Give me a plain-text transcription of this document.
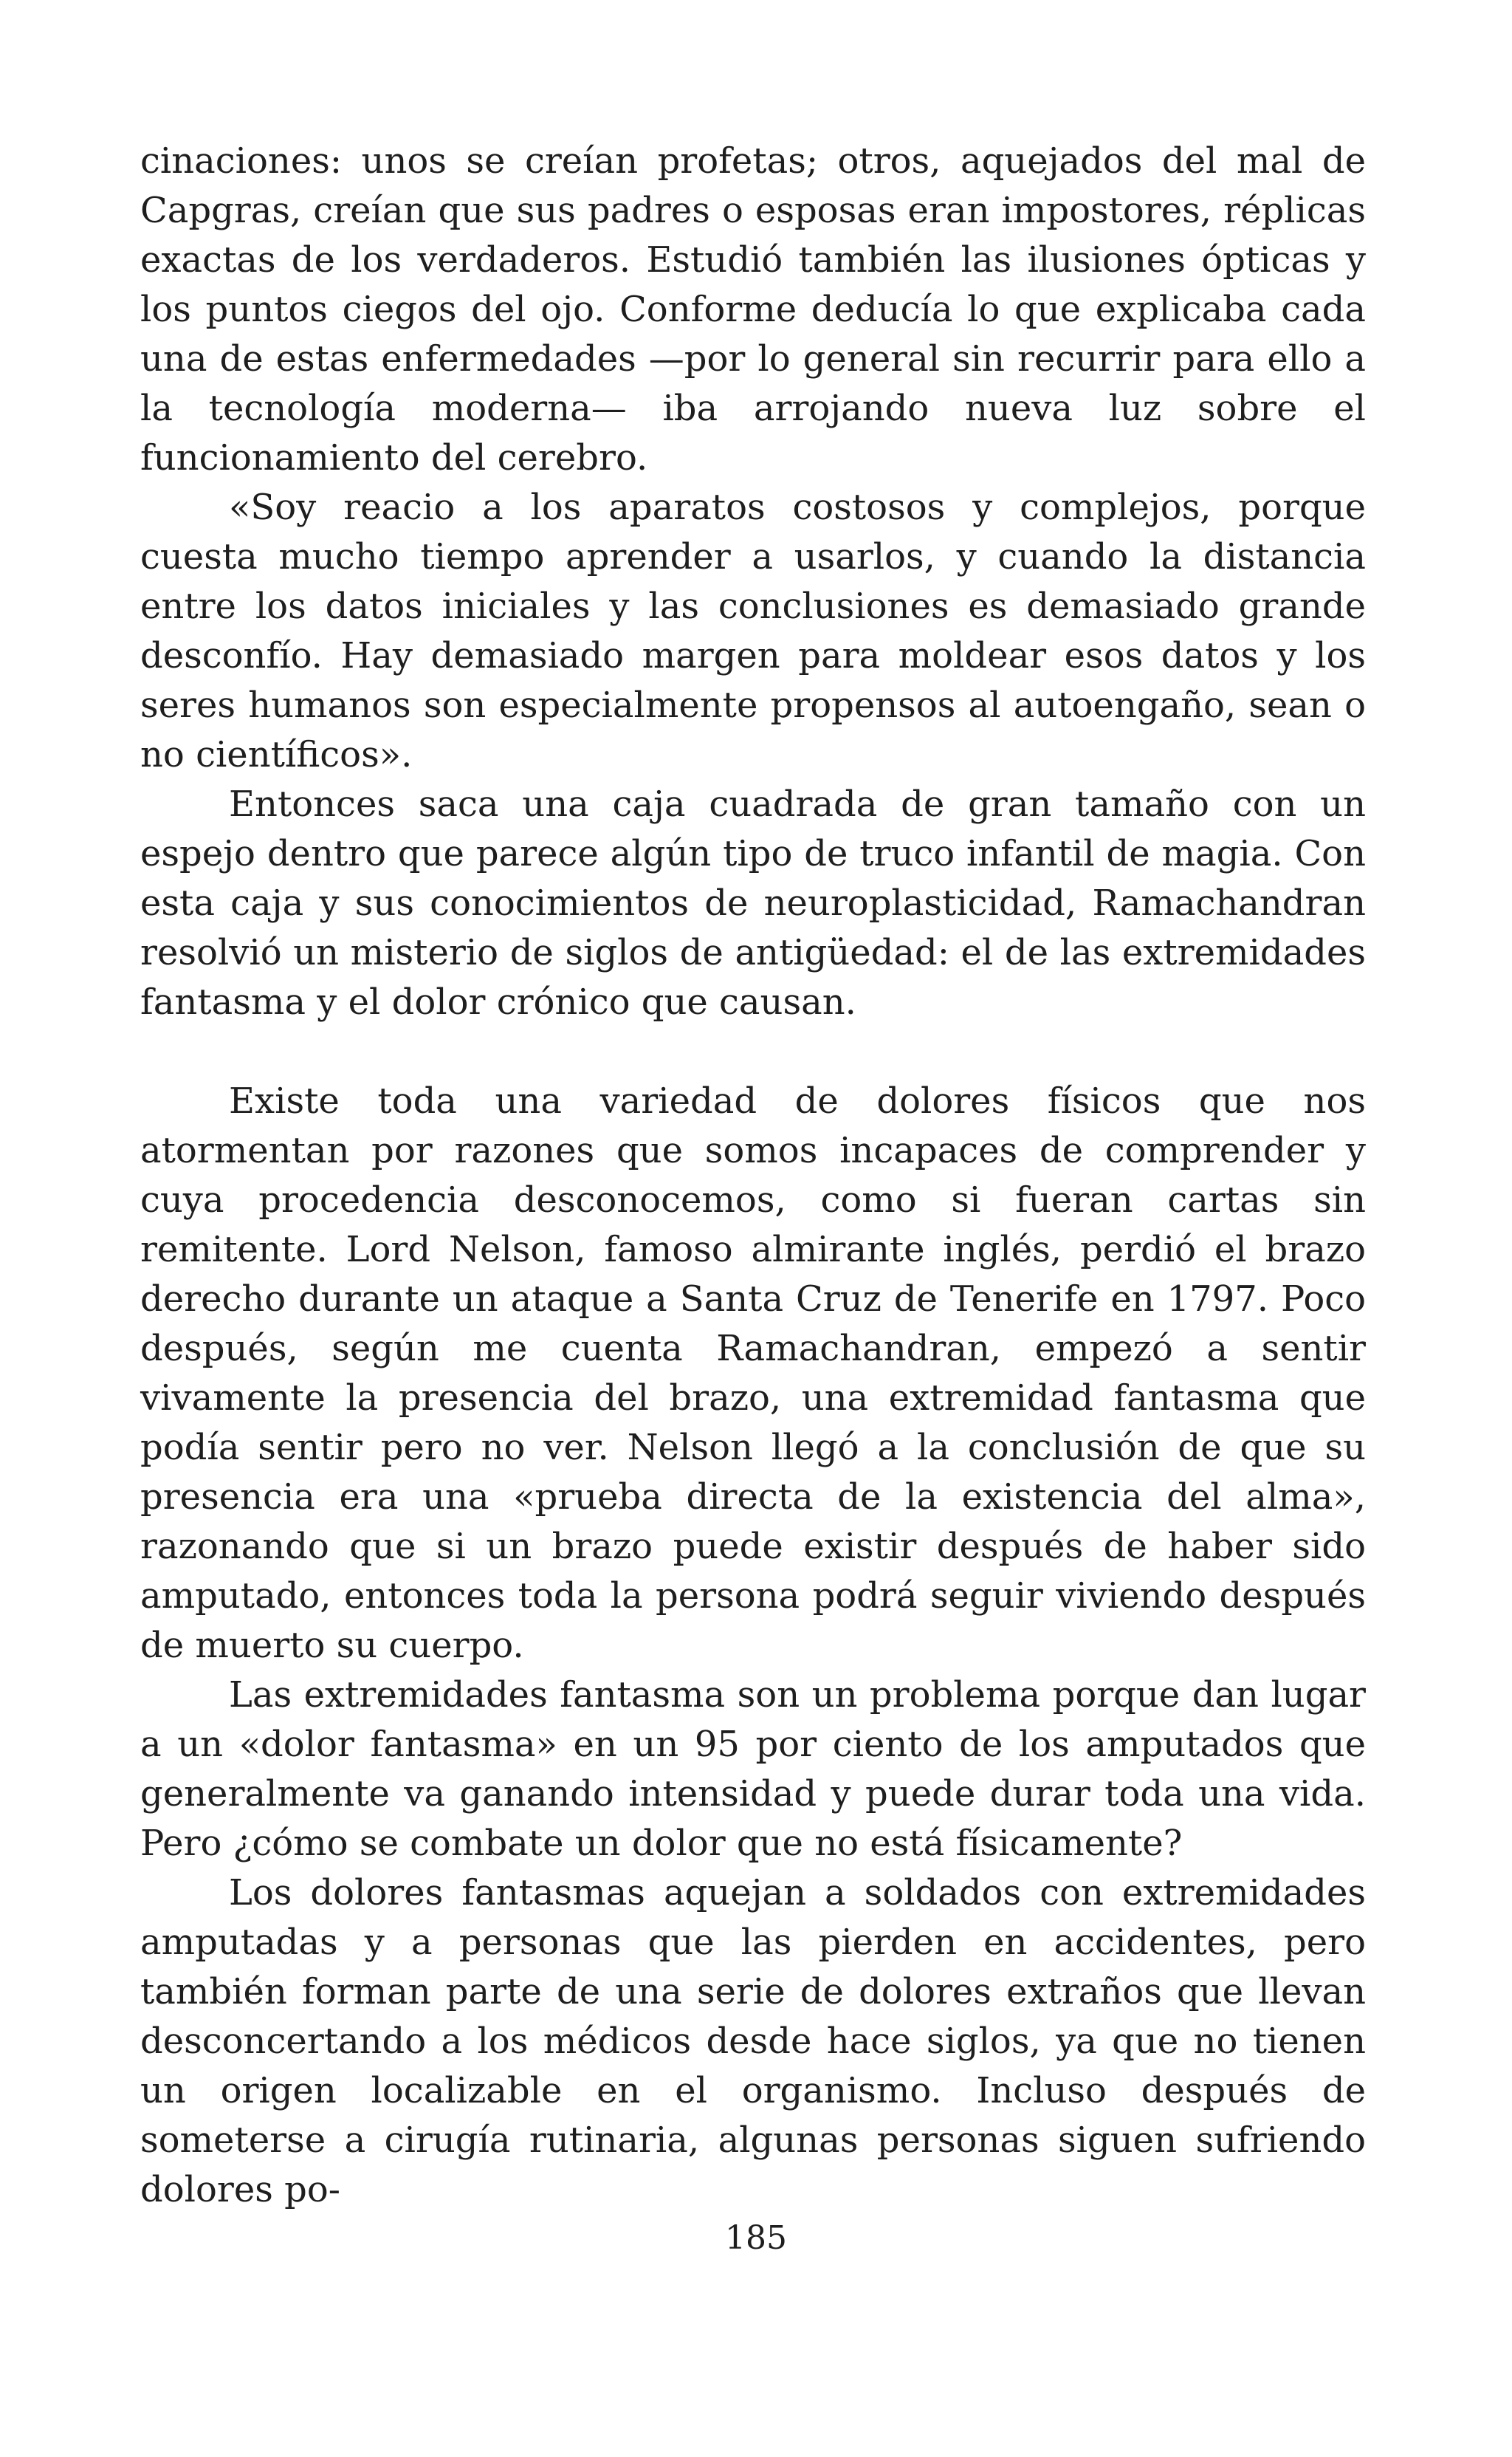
cinaciones: unos se creían profetas; otros, aquejados del mal de Capgras, creían que sus padres o esposas eran impostores, réplicas exactas de los verdaderos. Estudió también las ilusiones ópticas y los puntos ciegos del ojo. Conforme deducía lo que explicaba cada una de estas enfermedades —por lo general sin recurrir para ello a la tecnología moderna— iba arrojando nueva luz sobre el funcionamiento del cerebro.

«Soy reacio a los aparatos costosos y complejos, porque cuesta mucho tiempo aprender a usarlos, y cuando la distancia entre los datos iniciales y las conclusiones es demasiado grande desconfío. Hay demasiado margen para moldear esos datos y los seres humanos son especialmente propensos al autoengaño, sean o no científicos».

Entonces saca una caja cuadrada de gran tamaño con un espejo dentro que parece algún tipo de truco infantil de magia. Con esta caja y sus conocimientos de neuroplasticidad, Ramachandran resolvió un misterio de siglos de antigüedad: el de las extremidades fantasma y el dolor crónico que causan.

Existe toda una variedad de dolores físicos que nos atormentan por razones que somos incapaces de comprender y cuya procedencia desconocemos, como si fueran cartas sin remitente. Lord Nelson, famoso almirante inglés, perdió el brazo derecho durante un ataque a Santa Cruz de Tenerife en 1797. Poco después, según me cuenta Ramachandran, empezó a sentir vivamente la presencia del brazo, una extremidad fantasma que podía sentir pero no ver. Nelson llegó a la conclusión de que su presencia era una «prueba directa de la existencia del alma», razonando que si un brazo puede existir después de haber sido amputado, entonces toda la persona podrá seguir viviendo después de muerto su cuerpo.

Las extremidades fantasma son un problema porque dan lugar a un «dolor fantasma» en un 95 por ciento de los amputados que generalmente va ganando intensidad y puede durar toda una vida. Pero ¿cómo se combate un dolor que no está físicamente?

Los dolores fantasmas aquejan a soldados con extremidades amputadas y a personas que las pierden en accidentes, pero también forman parte de una serie de dolores extraños que llevan desconcertando a los médicos desde hace siglos, ya que no tienen un origen localizable en el organismo. Incluso después de someterse a cirugía rutinaria, algunas personas siguen sufriendo dolores po-

185
